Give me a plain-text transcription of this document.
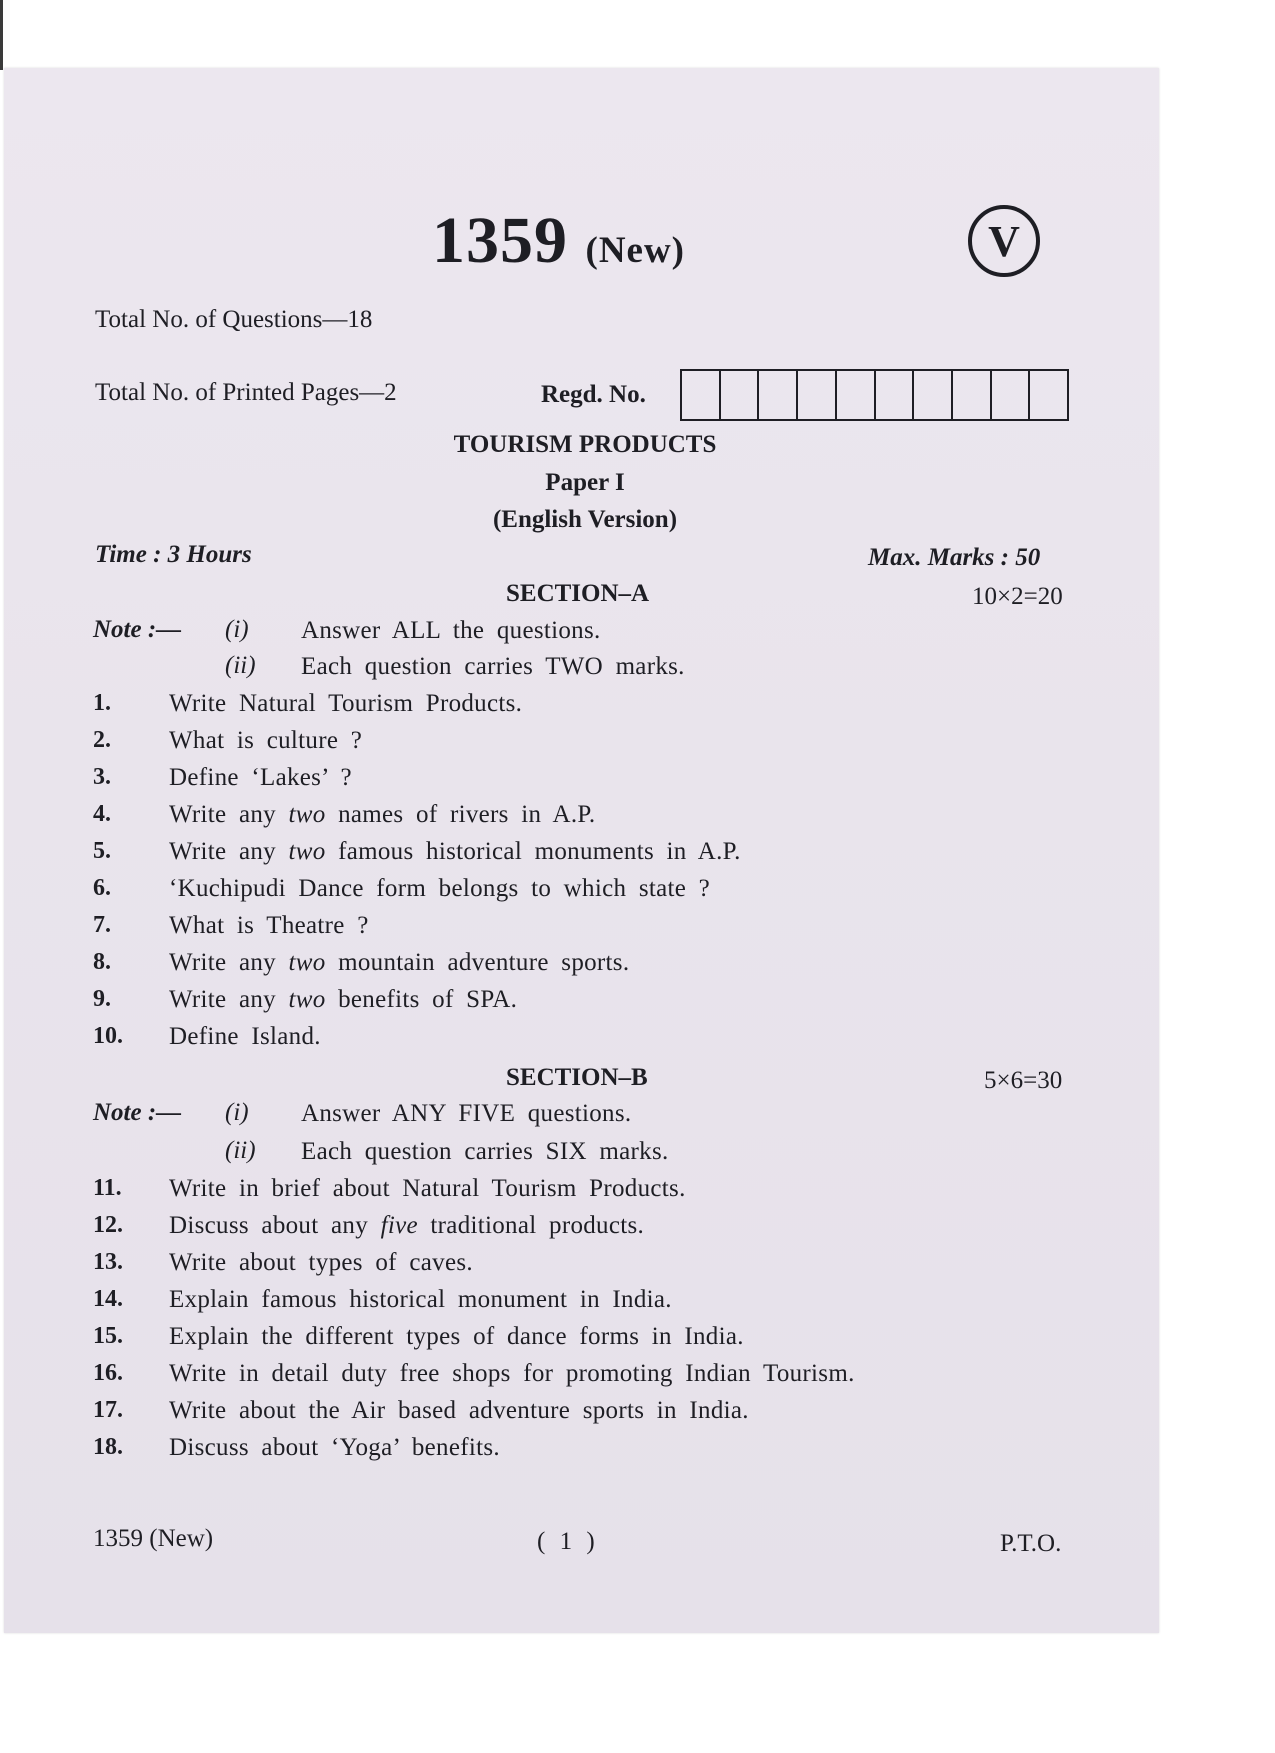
1359 (New)	V
Total No. of Questions—18
Total No. of Printed Pages—2	Regd. No.
TOURISM PRODUCTS
Paper I
(English Version)
Time : 3 Hours	Max. Marks : 50
SECTION–A	10×2=20
Note :— (i) Answer ALL the questions.
(ii) Each question carries TWO marks.
1. Write Natural Tourism Products.
2. What is culture ?
3. Define ‘Lakes’ ?
4. Write any two names of rivers in A.P.
5. Write any two famous historical monuments in A.P.
6. ‘Kuchipudi Dance form belongs to which state ?
7. What is Theatre ?
8. Write any two mountain adventure sports.
9. Write any two benefits of SPA.
10. Define Island.
SECTION–B	5×6=30
Note :— (i) Answer ANY FIVE questions.
(ii) Each question carries SIX marks.
11. Write in brief about Natural Tourism Products.
12. Discuss about any five traditional products.
13. Write about types of caves.
14. Explain famous historical monument in India.
15. Explain the different types of dance forms in India.
16. Write in detail duty free shops for promoting Indian Tourism.
17. Write about the Air based adventure sports in India.
18. Discuss about ‘Yoga’ benefits.
1359 (New)	( 1 )	P.T.O.
